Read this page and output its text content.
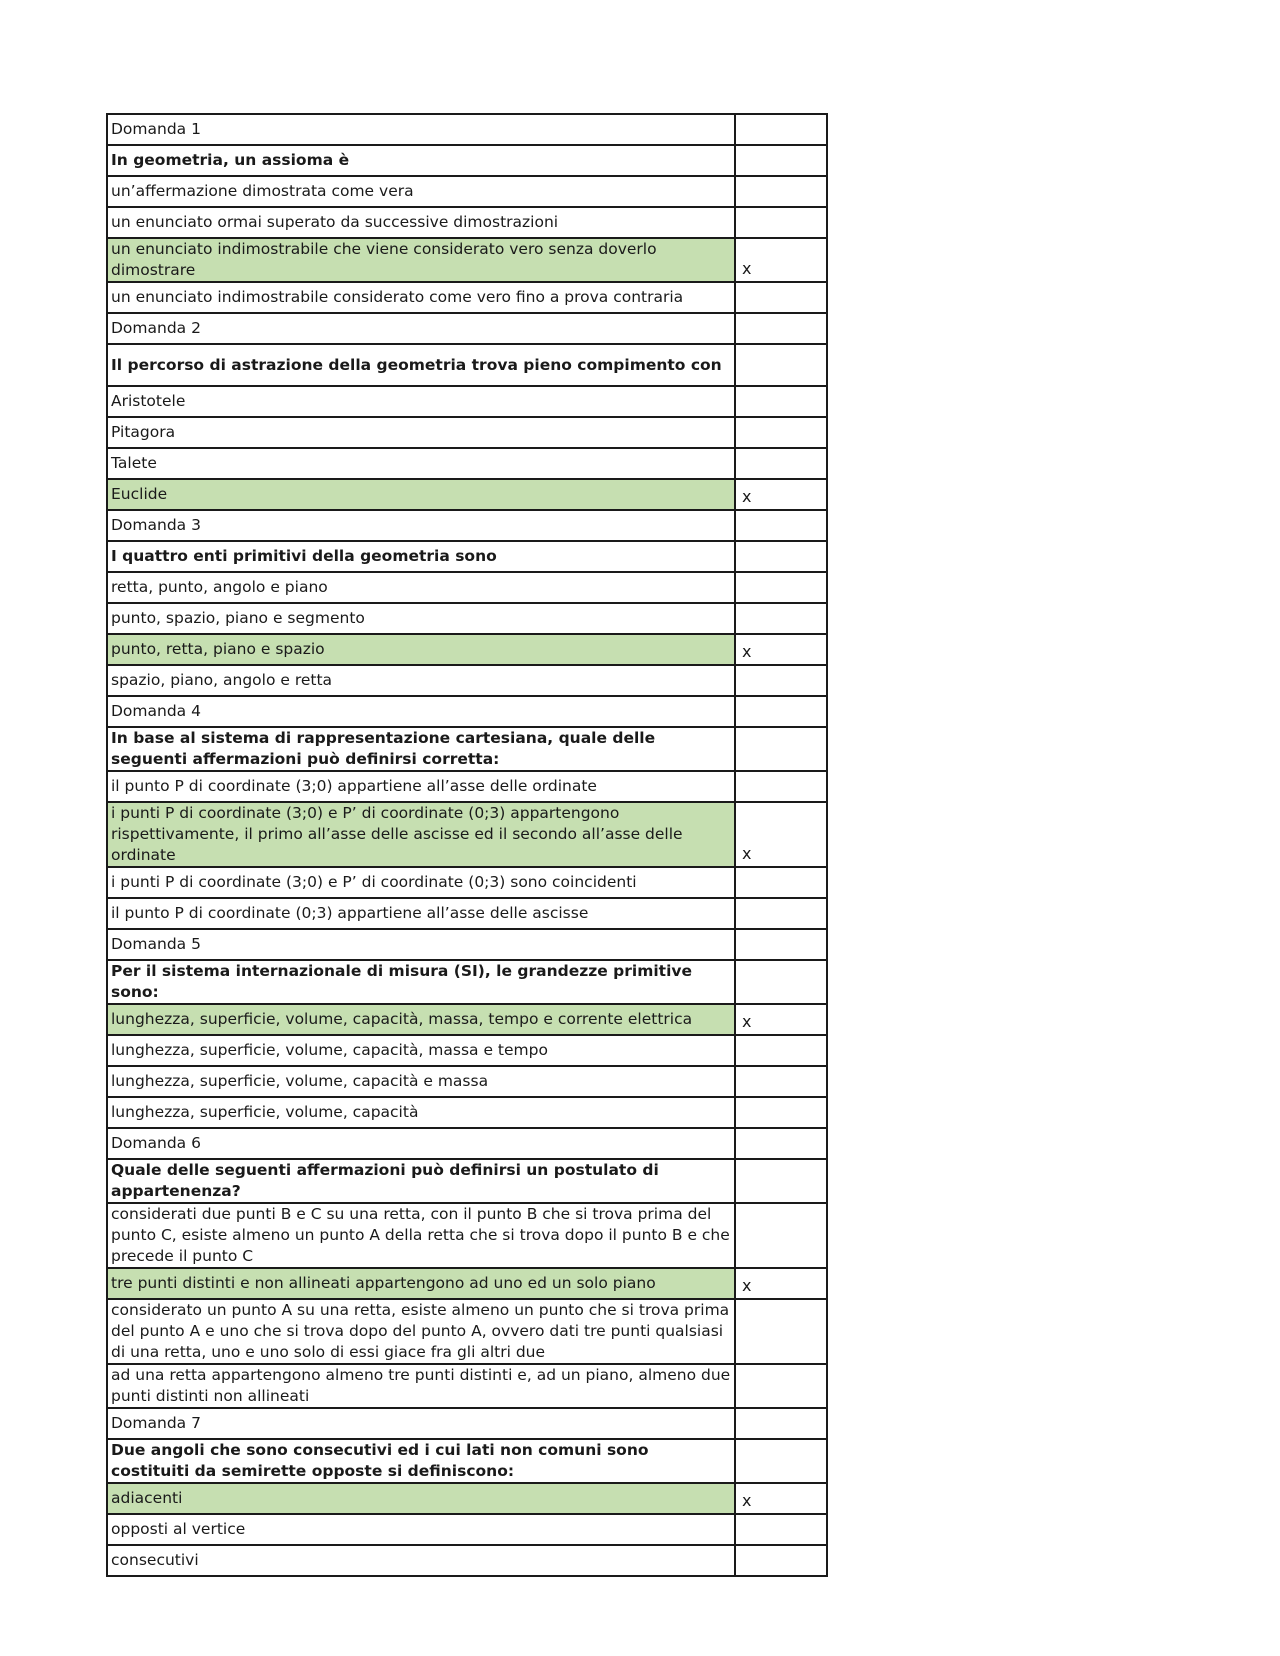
Domanda 1	
In geometria, un assioma è	
un’affermazione dimostrata come vera	
un enunciato ormai superato da successive dimostrazioni	
un enunciato indimostrabile che viene considerato vero senza doverlo dimostrare	x
un enunciato indimostrabile considerato come vero fino a prova contraria	
Domanda 2	
Il percorso di astrazione della geometria trova pieno compimento con	
Aristotele	
Pitagora	
Talete	
Euclide	x
Domanda 3	
I quattro enti primitivi della geometria sono	
retta, punto, angolo e piano	
punto, spazio, piano e segmento	
punto, retta, piano e spazio	x
spazio, piano, angolo e retta	
Domanda 4	
In base al sistema di rappresentazione cartesiana, quale delle seguenti affermazioni può definirsi corretta:	
il punto P di coordinate (3;0) appartiene all’asse delle ordinate	
i punti P di coordinate (3;0) e P’ di coordinate (0;3) appartengono rispettivamente, il primo all’asse delle ascisse ed il secondo all’asse delle ordinate	x
i punti P di coordinate (3;0) e P’ di coordinate (0;3) sono coincidenti	
il punto P di coordinate (0;3) appartiene all’asse delle ascisse	
Domanda 5	
Per il sistema internazionale di misura (SI), le grandezze primitive sono:	
lunghezza, superficie, volume, capacità, massa, tempo e corrente elettrica	x
lunghezza, superficie, volume, capacità, massa e tempo	
lunghezza, superficie, volume, capacità e massa	
lunghezza, superficie, volume, capacità	
Domanda 6	
Quale delle seguenti affermazioni può definirsi un postulato di appartenenza?	
considerati due punti B e C su una retta, con il punto B che si trova prima del punto C, esiste almeno un punto A della retta che si trova dopo il punto B e che precede il punto C	
tre punti distinti e non allineati appartengono ad uno ed un solo piano	x
considerato un punto A su una retta, esiste almeno un punto che si trova prima del punto A e uno che si trova dopo del punto A, ovvero dati tre punti qualsiasi di una retta, uno e uno solo di essi giace fra gli altri due	
ad una retta appartengono almeno tre punti distinti e, ad un piano, almeno due punti distinti non allineati	
Domanda 7	
Due angoli che sono consecutivi ed i cui lati non comuni sono costituiti da semirette opposte si definiscono:	
adiacenti	x
opposti al vertice	
consecutivi	
